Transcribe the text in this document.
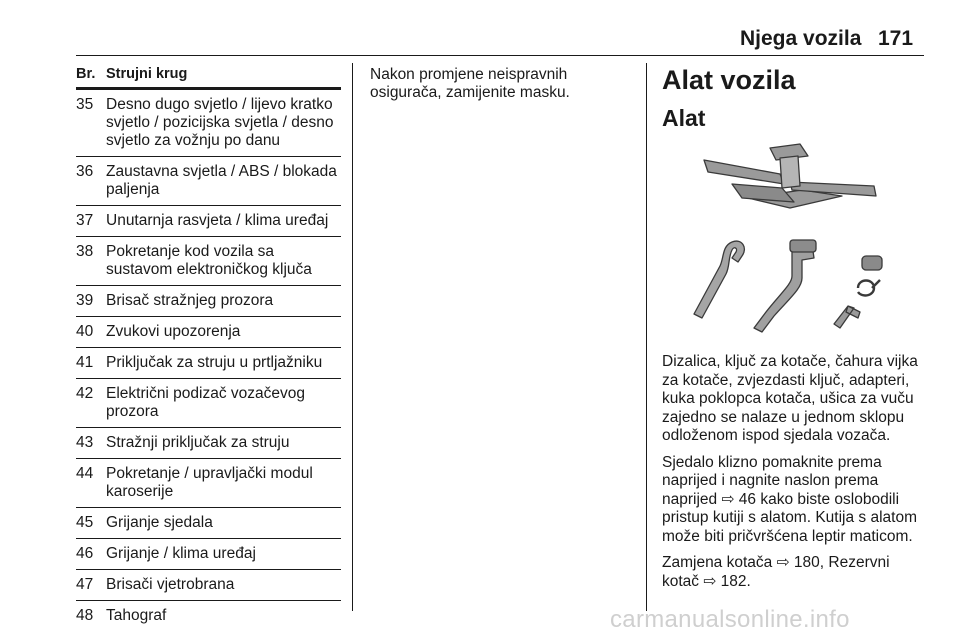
Njega vozila 171
Br. Strujni krug
35 Desno dugo svjetlo / lijevo kratko svjetlo / pozicijska svjetla / desno svjetlo za vožnju po danu
36 Zaustavna svjetla / ABS / blokada paljenja
37 Unutarnja rasvjeta / klima uređaj
38 Pokretanje kod vozila sa sustavom elektroničkog ključa
39 Brisač stražnjeg prozora
40 Zvukovi upozorenja
41 Priključak za struju u prtljažniku
42 Električni podizač vozačevog prozora
43 Stražnji priključak za struju
44 Pokretanje / upravljački modul karoserije
45 Grijanje sjedala
46 Grijanje / klima uređaj
47 Brisači vjetrobrana
48 Tahograf
Nakon promjene neispravnih osigurača, zamijenite masku.	Alat vozila
Alat

Dizalica, ključ za kotače, čahura vijka za kotače, zvjezdasti ključ, adapteri, kuka poklopca kotača, ušica za vuču zajedno se nalaze u jednom sklopu odloženom ispod sjedala vozača.

Sjedalo klizno pomaknite prema naprijed i nagnite naslon prema naprijed ⇨ 46 kako biste oslobodili pristup kutiji s alatom. Kutija s alatom može biti pričvršćena leptir maticom.

Zamjena kotača ⇨ 180, Rezervni kotač ⇨ 182.

carmanualsonline.info
